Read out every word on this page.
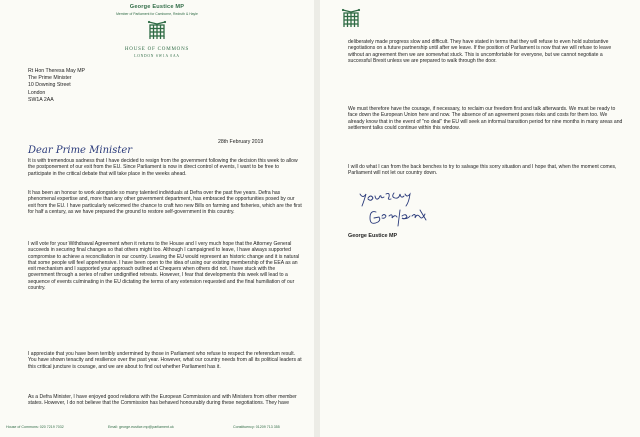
George Eustice MP
Member of Parliament for Camborne, Redruth & Hayle
HOUSE OF COMMONS
LONDON SW1A 0AA
Rt Hon Theresa May MP
The Prime Minister
10 Downing Street
London
SW1A 2AA
28th February 2019
Dear Prime Minister
It is with tremendous sadness that I have decided to resign from the government following the decision this week to allow the postponement of our exit from the EU. Since Parliament is now in direct control of events, I want to be free to participate in the critical debate that will take place in the weeks ahead.
It has been an honour to work alongside so many talented individuals at Defra over the past five years. Defra has phenomenal expertise and, more than any other government department, has embraced the opportunities posed by our exit from the EU. I have particularly welcomed the chance to craft two new Bills on farming and fisheries, which are the first for half a century, as we have prepared the ground to restore self-government in this country.
I will vote for your Withdrawal Agreement when it returns to the House and I very much hope that the Attorney General succeeds in securing final changes so that others might too. Although I campaigned to leave, I have always supported compromise to achieve a reconciliation in our country. Leaving the EU would represent an historic change and it is natural that some people will feel apprehensive. I have been open to the idea of using our existing membership of the EEA as an exit mechanism and I supported your approach outlined at Chequers when others did not. I have stuck with the government through a series of rather undignified retreats. However, I fear that developments this week will lead to a sequence of events culminating in the EU dictating the terms of any extension requested and the final humiliation of our country.
I appreciate that you have been terribly undermined by those in Parliament who refuse to respect the referendum result. You have shown tenacity and resilience over the past year. However, what our country needs from all its political leaders at this critical juncture is courage, and we are about to find out whether Parliament has it.
As a Defra Minister, I have enjoyed good relations with the European Commission and with Ministers from other member states. However, I do not believe that the Commission has behaved honourably during these negotiations. They have
House of Commons: 020 7219 7032	Email: george.eustice.mp@parliament.uk	Constituency: 01209 713 355
deliberately made progress slow and difficult. They have stated in terms that they will refuse to even hold substantive negotiations on a future partnership until after we leave. If the position of Parliament is now that we will refuse to leave without an agreement then we are somewhat stuck. This is uncomfortable for everyone, but we cannot negotiate a successful Brexit unless we are prepared to walk through the door.
We must therefore have the courage, if necessary, to reclaim our freedom first and talk afterwards. We must be ready to face down the European Union here and now. The absence of an agreement poses risks and costs for them too. We already know that in the event of "no deal" the EU will seek an informal transition period for nine months in many areas and settlement talks could continue within this window.
I will do what I can from the back benches to try to salvage this sorry situation and I hope that, when the moment comes, Parliament will not let our country down.
George Eustice MP
